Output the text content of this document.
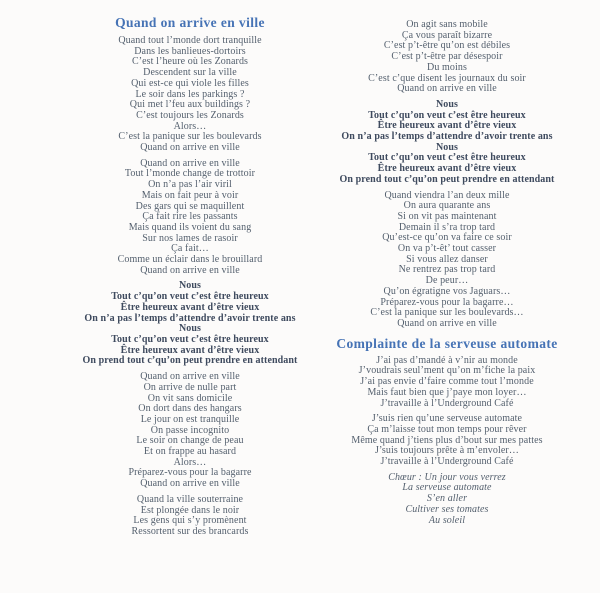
Quand on arrive en ville
Quand tout l’monde dort tranquille
Dans les banlieues-dortoirs
C’est l’heure où les Zonards
Descendent sur la ville
Qui est-ce qui viole les filles
Le soir dans les parkings ?
Qui met l’feu aux buildings ?
C’est toujours les Zonards
Alors…
C’est la panique sur les boulevards
Quand on arrive en ville
Quand on arrive en ville
Tout l’monde change de trottoir
On n’a pas l’air viril
Mais on fait peur à voir
Des gars qui se maquillent
Ça fait rire les passants
Mais quand ils voient du sang
Sur nos lames de rasoir
Ça fait…
Comme un éclair dans le brouillard
Quand on arrive en ville
Nous
Tout c’qu’on veut c’est être heureux
Être heureux avant d’être vieux
On n’a pas l’temps d’attendre d’avoir trente ans
Nous
Tout c’qu’on veut c’est être heureux
Être heureux avant d’être vieux
On prend tout c’qu’on peut prendre en attendant
Quand on arrive en ville
On arrive de nulle part
On vit sans domicile
On dort dans des hangars
Le jour on est tranquille
On passe incognito
Le soir on change de peau
Et on frappe au hasard
Alors…
Préparez-vous pour la bagarre
Quand on arrive en ville
Quand la ville souterraine
Est plongée dans le noir
Les gens qui s’y promènent
Ressortent sur des brancards
On agit sans mobile
Ça vous paraît bizarre
C’est p’t-être qu’on est débiles
C’est p’t-être par désespoir
Du moins
C’est c’que disent les journaux du soir
Quand on arrive en ville
Nous
Tout c’qu’on veut c’est être heureux
Être heureux avant d’être vieux
On n’a pas l’temps d’attendre d’avoir trente ans
Nous
Tout c’qu’on veut c’est être heureux
Être heureux avant d’être vieux
On prend tout c’qu’on peut prendre en attendant
Quand viendra l’an deux mille
On aura quarante ans
Si on vit pas maintenant
Demain il s’ra trop tard
Qu’est-ce qu’on va faire ce soir
On va p’t-êt’ tout casser
Si vous allez danser
Ne rentrez pas trop tard
De peur…
Qu’on égratigne vos Jaguars…
Préparez-vous pour la bagarre…
C’est la panique sur les boulevards…
Quand on arrive en ville
Complainte de la serveuse automate
J’ai pas d’mandé à v’nir au monde
J’voudrais seul’ment qu’on m’fiche la paix
J’ai pas envie d’faire comme tout l’monde
Mais faut bien que j’paye mon loyer…
J’travaille à l’Underground Café
J’suis rien qu’une serveuse automate
Ça m’laisse tout mon temps pour rêver
Même quand j’tiens plus d’bout sur mes pattes
J’suis toujours prête à m’envoler…
J’travaille à l’Underground Café
Chœur : Un jour vous verrez
La serveuse automate
S’en aller
Cultiver ses tomates
Au soleil
